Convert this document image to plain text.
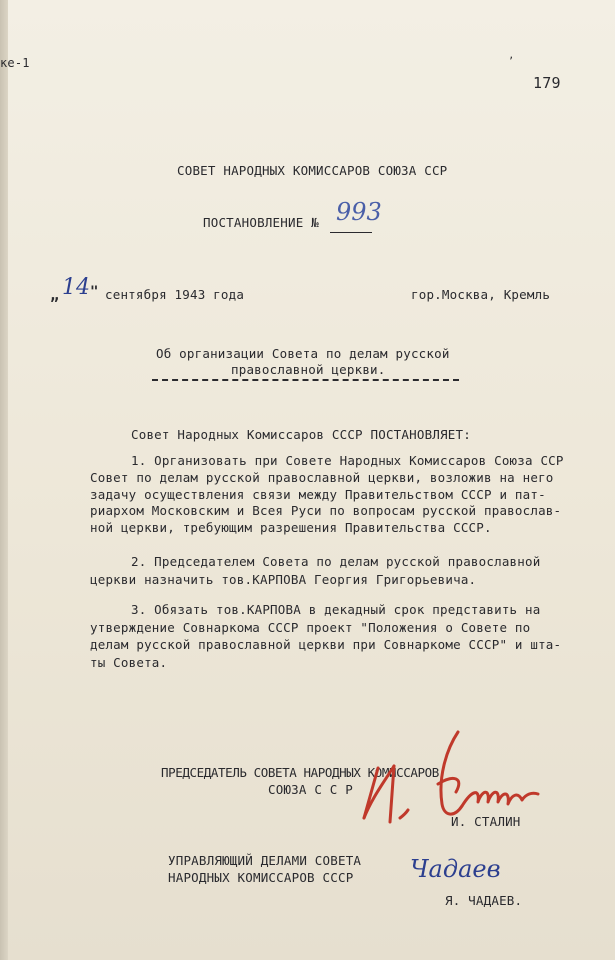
ке-1	ʼ
179
СОВЕТ НАРОДНЫХ КОМИССАРОВ СОЮЗА ССР
ПОСТАНОВЛЕНИЕ № 993
„ 14 " сентября 1943 года	гор.Москва, Кремль
Об организации Совета по делам русской
православной церкви.
Совет Народных Комиссаров СССР ПОСТАНОВЛЯЕТ:
1. Организовать при Совете Народных Комиссаров Союза ССР
Совет по делам русской православной церкви, возложив на него
задачу осуществления связи между Правительством СССР и пат-
риархом Московским и Всея Руси по вопросам русской православ-
ной церкви, требующим разрешения Правительства СССР.
2. Председателем Совета по делам русской православной
церкви назначить тов.КАРПОВА Георгия Григорьевича.
3. Обязать тов.КАРПОВА в декадный срок представить на
утверждение Совнаркома СССР проект "Положения о Совете по
делам русской православной церкви при Совнаркоме СССР" и шта-
ты Совета.
ПРЕДСЕДАТЕЛЬ СОВЕТА НАРОДНЫХ КОМИССАРОВ
СОЮЗА С С Р
И. СТАЛИН
УПРАВЛЯЮЩИЙ ДЕЛАМИ СОВЕТА
НАРОДНЫХ КОМИССАРОВ СССР Чадаев
Я. ЧАДАЕВ.
